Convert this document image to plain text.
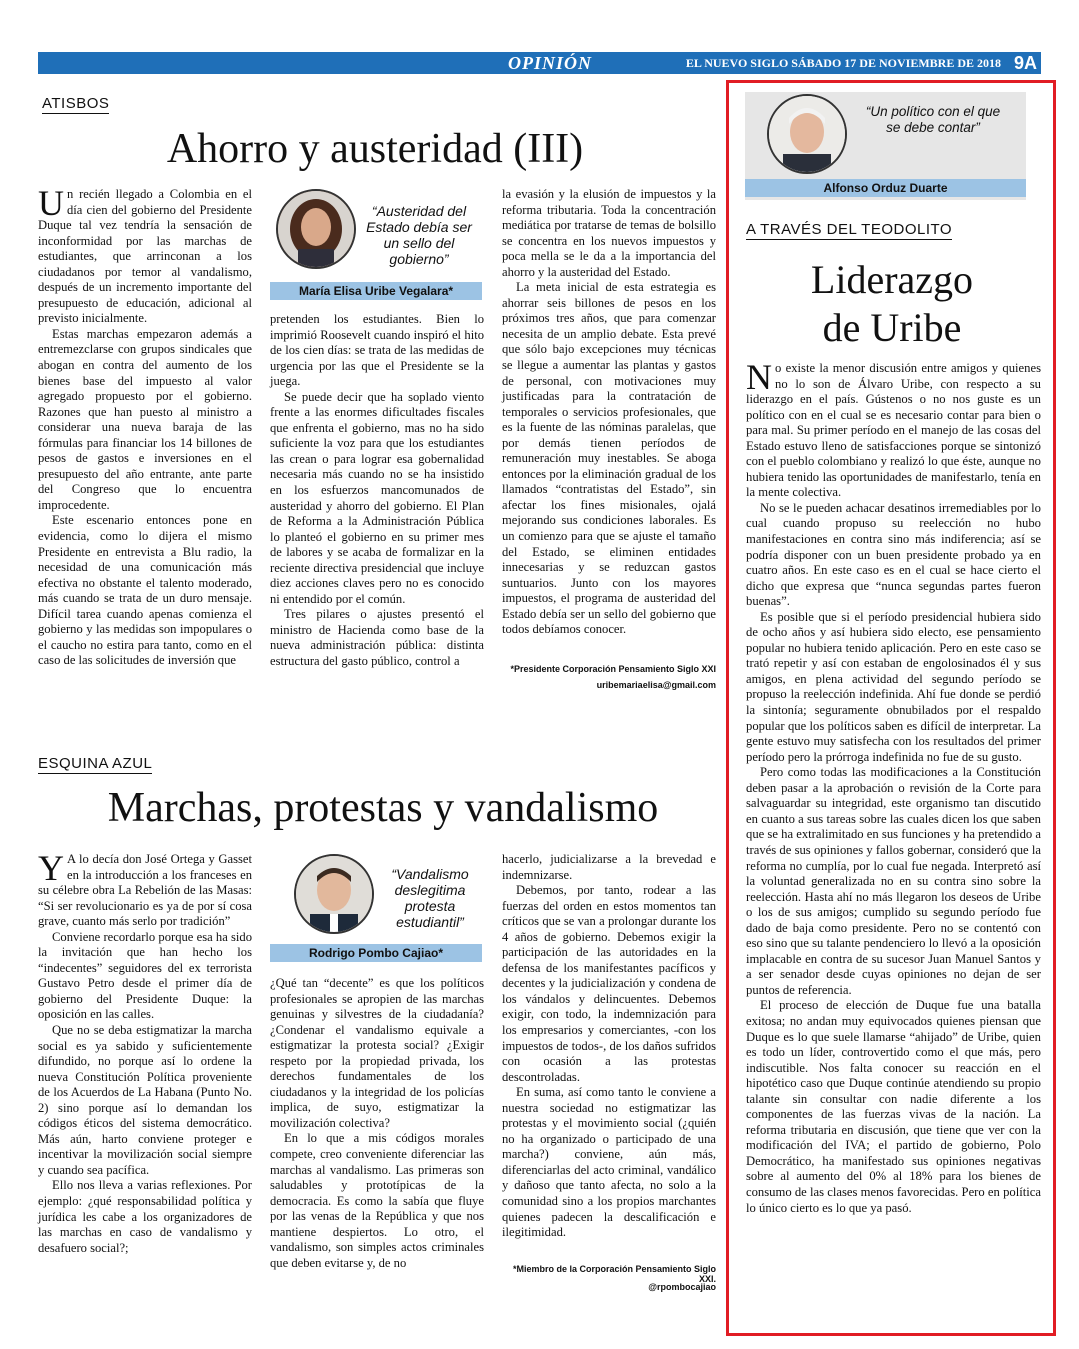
OPINIÓN	EL NUEVO SIGLO SÁBADO 17 DE NOVIEMBRE DE 2018 9A
ATISBOS
Ahorro y austeridad (III)

Un recién llegado a Colombia en el día cien del gobierno del Presidente Duque tal vez tendría la sensación de inconformidad por las marchas de estudiantes, que arrinconan a los ciudadanos por temor al vandalismo, después de un incremento importante del presupuesto de educación, adicional al previsto inicialmente.

Estas marchas empezaron además a entremezclarse con grupos sindicales que abogan en contra del aumento de los bienes base del impuesto al valor agregado propuesto por el gobierno. Razones que han puesto al ministro a considerar una nueva baraja de las fórmulas para financiar los 14 billones de pesos de gastos e inversiones en el presupuesto del año entrante, ante parte del Congreso que lo encuentra improcedente.

Este escenario entonces pone en evidencia, como lo dijera el mismo Presidente en entrevista a Blu radio, la necesidad de una comunicación más efectiva no obstante el talento moderado, más cuando se trata de un duro mensaje. Difícil tarea cuando apenas comienza el gobierno y las medidas son impopulares o el caucho no estira para tanto, como en el caso de las solicitudes de inversión que

“Austeridad del Estado debía ser un sello del gobierno”
María Elisa Uribe Vegalara*

pretenden los estudiantes. Bien lo imprimió Roosevelt cuando inspiró el hito de los cien días: se trata de las medidas de urgencia por las que el Presidente se la juega.

Se puede decir que ha soplado viento frente a las enormes dificultades fiscales que enfrenta el gobierno, mas no ha sido suficiente la voz para que los estudiantes las crean o para lograr esa gobernalidad necesaria más cuando no se ha insistido en los esfuerzos mancomunados de austeridad y ahorro del gobierno. El Plan de Reforma a la Administración Pública lo planteó el gobierno en su primer mes de labores y se acaba de formalizar en la reciente directiva presidencial que incluye diez acciones claves pero no es conocido ni entendido por el común.

Tres pilares o ajustes presentó el ministro de Hacienda como base de la nueva administración pública: distinta estructura del gasto público, control a

la evasión y la elusión de impuestos y la reforma tributaria. Toda la concentración mediática por tratarse de temas de bolsillo se concentra en los nuevos impuestos y poca mella se le da a la importancia del ahorro y la austeridad del Estado.

La meta inicial de esta estrategia es ahorrar seis billones de pesos en los próximos tres años, que para comenzar necesita de un amplio debate. Esta prevé que sólo bajo excepciones muy técnicas se llegue a aumentar las plantas y gastos de personal, con motivaciones muy justificadas para la contratación de temporales o servicios profesionales, que es la fuente de las nóminas paralelas, que por demás tienen períodos de remuneración muy inestables. Se aboga entonces por la eliminación gradual de los llamados “contratistas del Estado”, sin afectar los fines misionales, ojalá mejorando sus condiciones laborales. Es un comienzo para que se ajuste el tamaño del Estado, se eliminen entidades innecesarias y se reduzcan gastos suntuarios. Junto con los mayores impuestos, el programa de austeridad del Estado debía ser un sello del gobierno que todos debíamos conocer.

*Presidente Corporación Pensamiento Siglo XXI
uribemariaelisa@gmail.com
ESQUINA AZUL
Marchas, protestas y vandalismo

Y A lo decía don José Ortega y Gasset en la introducción a los franceses en su célebre obra La Rebelión de las Masas: “Si ser revolucionario es ya de por sí cosa grave, cuanto más serlo por tradición”

Conviene recordarlo porque esa ha sido la invitación que han hecho los “indecentes” seguidores del ex terrorista Gustavo Petro desde el primer día de gobierno del Presidente Duque: la oposición en las calles.

Que no se deba estigmatizar la marcha social es ya sabido y suficientemente difundido, no porque así lo ordene la nueva Constitución Política proveniente de los Acuerdos de La Habana (Punto No. 2) sino porque así lo demandan los códigos éticos del sistema democrático. Más aún, harto conviene proteger e incentivar la movilización social siempre y cuando sea pacífica.

Ello nos lleva a varias reflexiones. Por ejemplo: ¿qué responsabilidad política y jurídica les cabe a los organizadores de las marchas en caso de vandalismo y desafuero social?;

“Vandalismo deslegitima protesta estudiantil”
Rodrigo Pombo Cajiao*

¿Qué tan “decente” es que los políticos profesionales se apropien de las marchas genuinas y silvestres de la ciudadanía? ¿Condenar el vandalismo equivale a estigmatizar la protesta social? ¿Exigir respeto por la propiedad privada, los derechos fundamentales de los ciudadanos y la integridad de los policías implica, de suyo, estigmatizar la movilización colectiva?

En lo que a mis códigos morales compete, creo conveniente diferenciar las marchas al vandalismo. Las primeras son saludables y prototípicas de la democracia. Es como la sabía que fluye por las venas de la República y que nos mantiene despiertos. Lo otro, el vandalismo, son simples actos criminales que deben evitarse y, de no

hacerlo, judicializarse a la brevedad e indemnizarse.

Debemos, por tanto, rodear a las fuerzas del orden en estos momentos tan críticos que se van a prolongar durante los 4 años de gobierno. Debemos exigir la participación de las autoridades en la defensa de los manifestantes pacíficos y decentes y la judicialización y condena de los vándalos y delincuentes. Debemos exigir, con todo, la indemnización para los empresarios y comerciantes, -con los impuestos de todos-, de los daños sufridos con ocasión a las protestas descontroladas.

En suma, así como tanto le conviene a nuestra sociedad no estigmatizar las protestas y el movimiento social (¿quién no ha organizado o participado de una marcha?) conviene, aún más, diferenciarlas del acto criminal, vandálico y dañoso que tanto afecta, no solo a la comunidad sino a los propios marchantes quienes padecen la descalificación e ilegitimidad.

*Miembro de la Corporación Pensamiento Siglo XXI.
@rpombocajiao
“Un político con el que se debe contar”
Alfonso Orduz Duarte
A TRAVÉS DEL TEODOLITO
Liderazgo
de Uribe

No existe la menor discusión entre amigos y quienes no lo son de Álvaro Uribe, con respecto a su liderazgo en el país. Gústenos o no nos guste es un político con en el cual se es necesario contar para bien o para mal. Su primer período en el manejo de las cosas del Estado estuvo lleno de satisfacciones porque se sintonizó con el pueblo colombiano y realizó lo que éste, aunque no hubiera tenido las oportunidades de manifestarlo, tenía en la mente colectiva.

No se le pueden achacar desatinos irremediables por lo cual cuando propuso su reelección no hubo manifestaciones en contra sino más indiferencia; así se podría disponer con un buen presidente probado ya en cuatro años. En este caso es en el cual se hace cierto el dicho que expresa que “nunca segundas partes fueron buenas”.

Es posible que si el período presidencial hubiera sido de ocho años y así hubiera sido electo, ese pensamiento popular no hubiera tenido aplicación. Pero en este caso se trató repetir y así con estaban de engolosinados él y sus amigos, en plena actividad del segundo período se propuso la reelección indefinida. Ahí fue donde se perdió la sintonía; seguramente obnubilados por el respaldo popular que los políticos saben es difícil de interpretar. La gente estuvo muy satisfecha con los resultados del primer período pero la prórroga indefinida no fue de su gusto.

Pero como todas las modificaciones a la Constitución deben pasar a la aprobación o revisión de la Corte para salvaguardar su integridad, este organismo tan discutido en cuanto a sus tareas sobre las cuales dicen los que saben que se ha extralimitado en sus funciones y ha pretendido a través de sus opiniones y fallos gobernar, consideró que la reforma no cumplía, por lo cual fue negada. Interpretó así la voluntad generalizada no en su contra sino sobre la reelección. Hasta ahí no más llegaron los deseos de Uribe o los de sus amigos; cumplido su segundo período fue dado de baja como presidente. Pero no se contentó con eso sino que su talante pendenciero lo llevó a la oposición implacable en contra de su sucesor Juan Manuel Santos y a ser senador desde cuyas opiniones no dejan de ser puntos de referencia.

El proceso de elección de Duque fue una batalla exitosa; no andan muy equivocados quienes piensan que Duque es lo que suele llamarse “ahijado” de Uribe, quien es todo un líder, controvertido como el que más, pero indiscutible. Nos falta conocer su reacción en el hipotético caso que Duque continúe atendiendo su propio talante sin consultar con nadie diferente a los componentes de las fuerzas vivas de la nación. La reforma tributaria en discusión, que tiene que ver con la modificación del IVA; el partido de gobierno, Polo Democrático, ha manifestado sus opiniones negativas sobre al aumento del 0% al 18% para los bienes de consumo de las clases menos favorecidas. Pero en política lo único cierto es lo que ya pasó.
